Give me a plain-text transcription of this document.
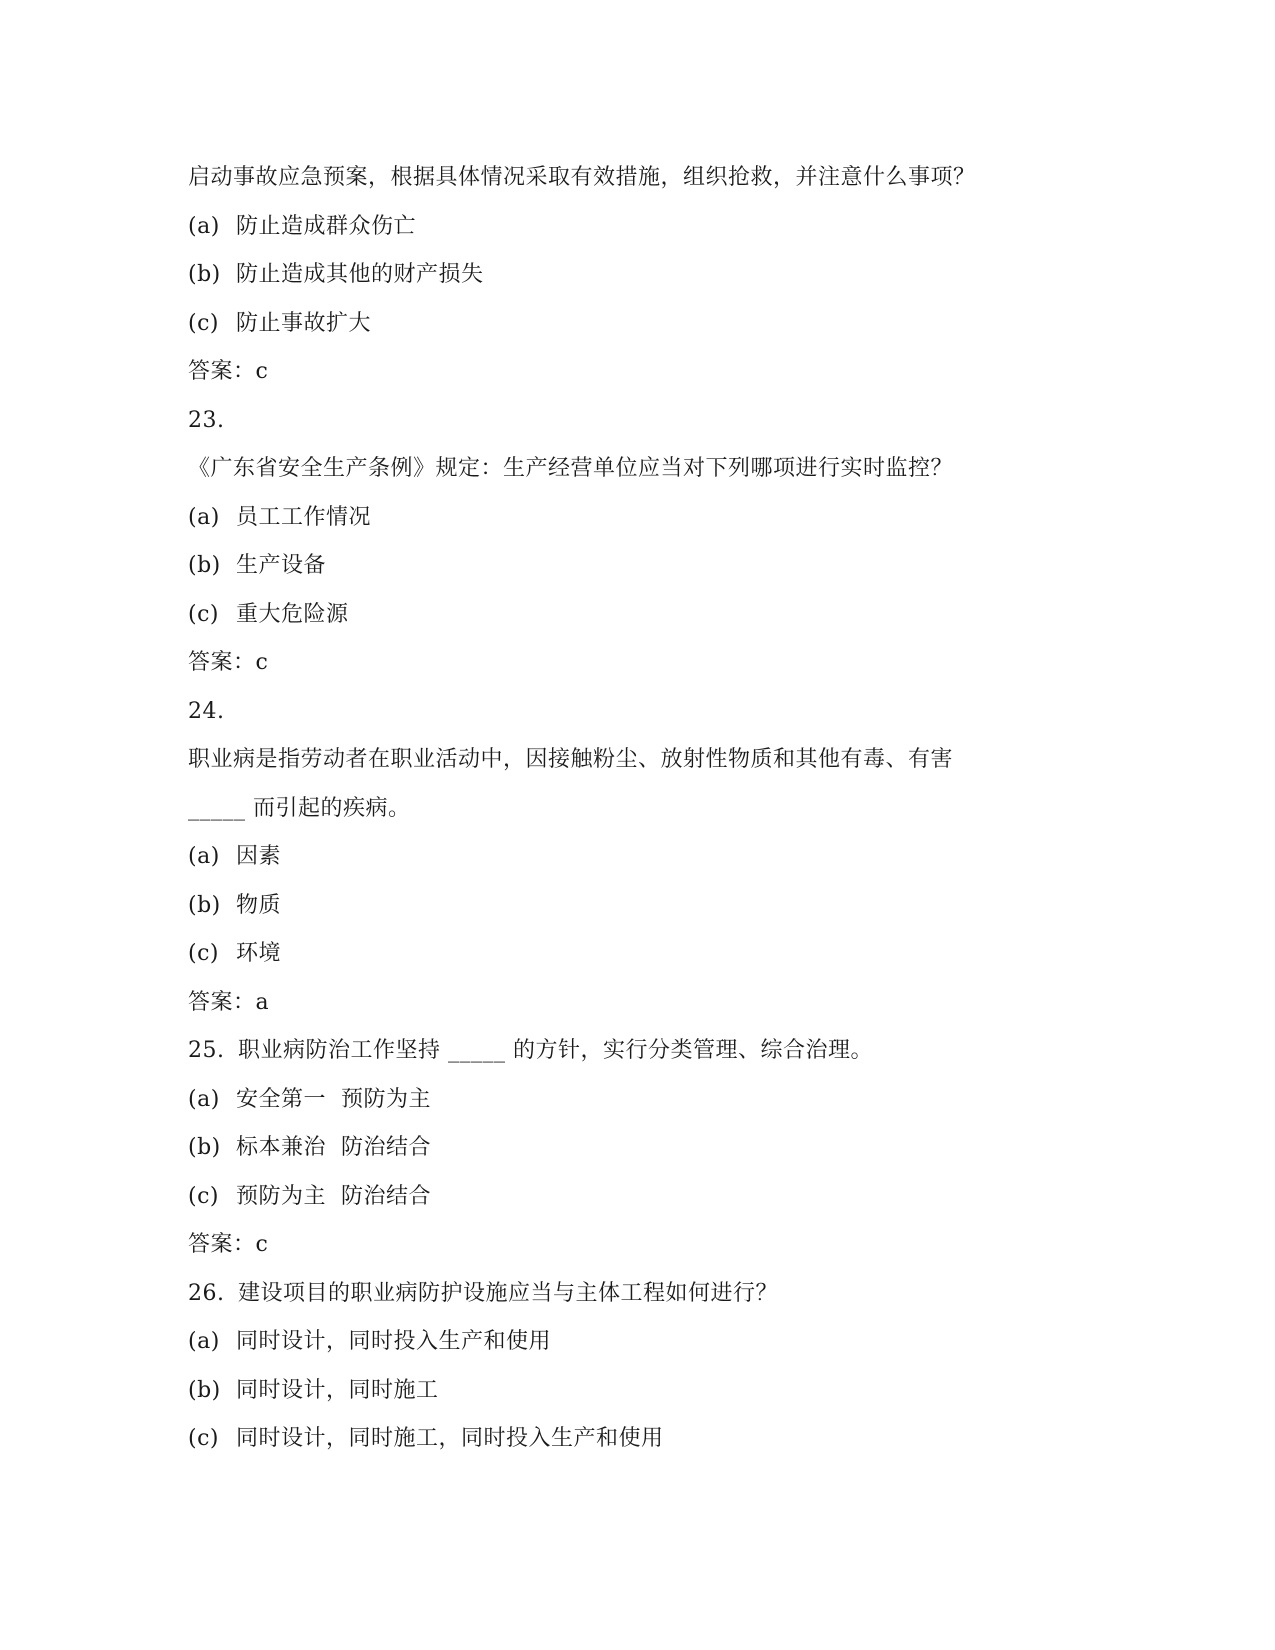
启动事故应急预案，根据具体情况采取有效措施，组织抢救，并注意什么事项？
(a) 防止造成群众伤亡
(b) 防止造成其他的财产损失
(c) 防止事故扩大
答案：c
23.
《广东省安全生产条例》规定：生产经营单位应当对下列哪项进行实时监控？
(a) 员工工作情况
(b) 生产设备
(c) 重大危险源
答案：c
24.
职业病是指劳动者在职业活动中，因接触粉尘、放射性物质和其他有毒、有害
_____ 而引起的疾病。
(a) 因素
(b) 物质
(c) 环境
答案：a
25. 职业病防治工作坚持 _____ 的方针，实行分类管理、综合治理。
(a) 安全第一  预防为主
(b) 标本兼治  防治结合
(c) 预防为主  防治结合
答案：c
26. 建设项目的职业病防护设施应当与主体工程如何进行？
(a) 同时设计，同时投入生产和使用
(b) 同时设计，同时施工
(c) 同时设计，同时施工，同时投入生产和使用
